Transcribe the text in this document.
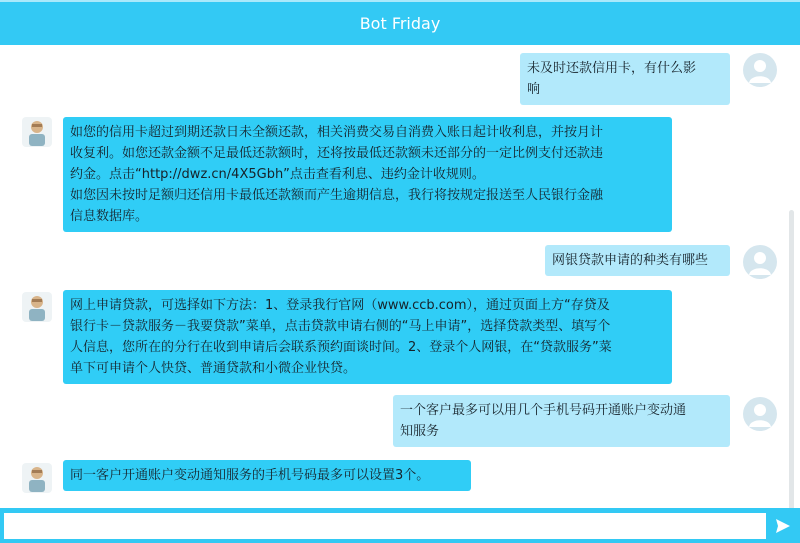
Bot Friday
未及时还款信用卡，有什么影
响
如您的信用卡超过到期还款日未全额还款，相关消费交易自消费入账日起计收利息，并按月计
收复利。如您还款金额不足最低还款额时，还将按最低还款额未还部分的一定比例支付还款违
约金。点击“http://dwz.cn/4X5Gbh”点击查看利息、违约金计收规则。
如您因未按时足额归还信用卡最低还款额而产生逾期信息，我行将按规定报送至人民银行金融
信息数据库。
网银贷款申请的种类有哪些
网上申请贷款，可选择如下方法：1、登录我行官网（www.ccb.com），通过页面上方“存贷及
银行卡－贷款服务－我要贷款”菜单，点击贷款申请右侧的“马上申请”，选择贷款类型、填写个
人信息，您所在的分行在收到申请后会联系预约面谈时间。2、登录个人网银，在“贷款服务”菜
单下可申请个人快贷、普通贷款和小微企业快贷。
一个客户最多可以用几个手机号码开通账户变动通
知服务
同一客户开通账户变动通知服务的手机号码最多可以设置3个。
